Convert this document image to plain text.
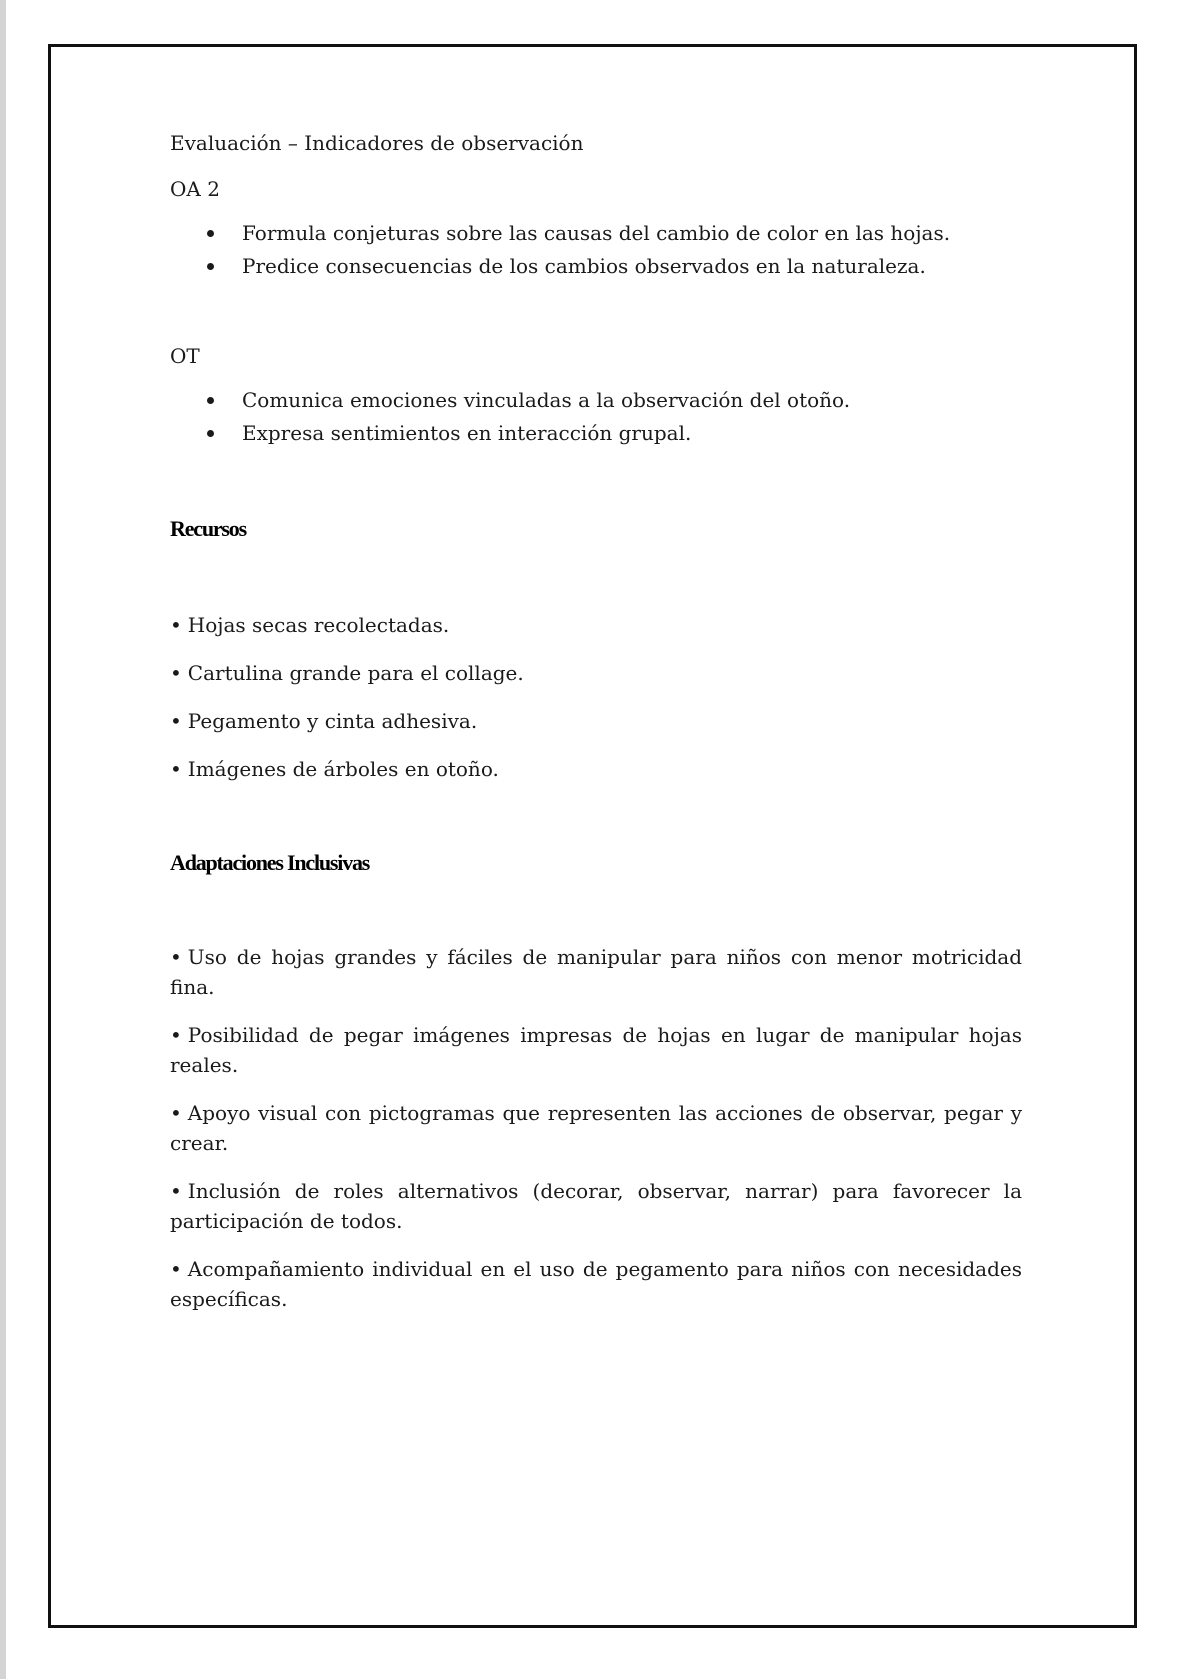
Evaluación – Indicadores de observación

OA 2

Formula conjeturas sobre las causas del cambio de color en las hojas.
Predice consecuencias de los cambios observados en la naturaleza.

OT

Comunica emociones vinculadas a la observación del otoño.
Expresa sentimientos en interacción grupal.

Recursos

• Hojas secas recolectadas.

• Cartulina grande para el collage.

• Pegamento y cinta adhesiva.

• Imágenes de árboles en otoño.

Adaptaciones Inclusivas

• Uso de hojas grandes y fáciles de manipular para niños con menor motricidad fina.

• Posibilidad de pegar imágenes impresas de hojas en lugar de manipular hojas reales.

• Apoyo visual con pictogramas que representen las acciones de observar, pegar y crear.

• Inclusión de roles alternativos (decorar, observar, narrar) para favorecer la participación de todos.

• Acompañamiento individual en el uso de pegamento para niños con necesidades específicas.
